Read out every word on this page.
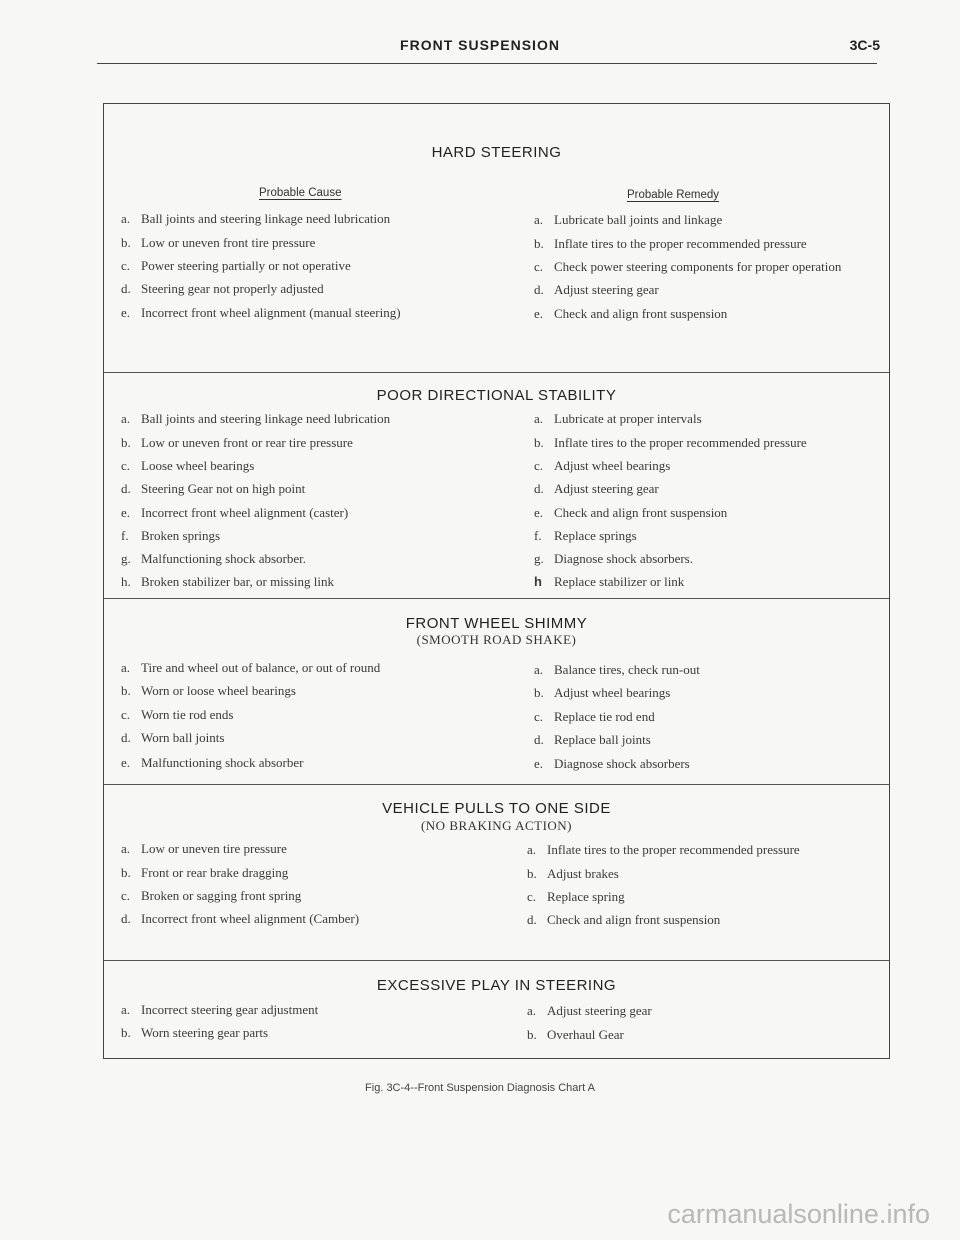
FRONT SUSPENSION	3C-5
HARD STEERING
Probable Cause	Probable Remedy
a. Ball joints and steering linkage need lubrication
b. Low or uneven front tire pressure
c. Power steering partially or not operative
d. Steering gear not properly adjusted
e. Incorrect front wheel alignment (manual steering)
a. Lubricate ball joints and linkage
b. Inflate tires to the proper recommended pressure
c. Check power steering components for proper operation
d. Adjust steering gear
e. Check and align front suspension
POOR DIRECTIONAL STABILITY
a. Ball joints and steering linkage need lubrication
b. Low or uneven front or rear tire pressure
c. Loose wheel bearings
d. Steering Gear not on high point
e. Incorrect front wheel alignment (caster)
f. Broken springs
g. Malfunctioning shock absorber.
h. Broken stabilizer bar, or missing link
a. Lubricate at proper intervals
b. Inflate tires to the proper recommended pressure
c. Adjust wheel bearings
d. Adjust steering gear
e. Check and align front suspension
f. Replace springs
g. Diagnose shock absorbers.
h Replace stabilizer or link
FRONT WHEEL SHIMMY
(SMOOTH ROAD SHAKE)
a. Tire and wheel out of balance, or out of round
b. Worn or loose wheel bearings
c. Worn tie rod ends
d. Worn ball joints
e. Malfunctioning shock absorber
a. Balance tires, check run-out
b. Adjust wheel bearings
c. Replace tie rod end
d. Replace ball joints
e. Diagnose shock absorbers
VEHICLE PULLS TO ONE SIDE
(NO BRAKING ACTION)
a. Low or uneven tire pressure
b. Front or rear brake dragging
c. Broken or sagging front spring
d. Incorrect front wheel alignment (Camber)
a. Inflate tires to the proper recommended pressure
b. Adjust brakes
c. Replace spring
d. Check and align front suspension
EXCESSIVE PLAY IN STEERING
a. Incorrect steering gear adjustment
b. Worn steering gear parts
a. Adjust steering gear
b. Overhaul Gear
Fig. 3C-4--Front Suspension Diagnosis Chart A
carmanualsonline.info
